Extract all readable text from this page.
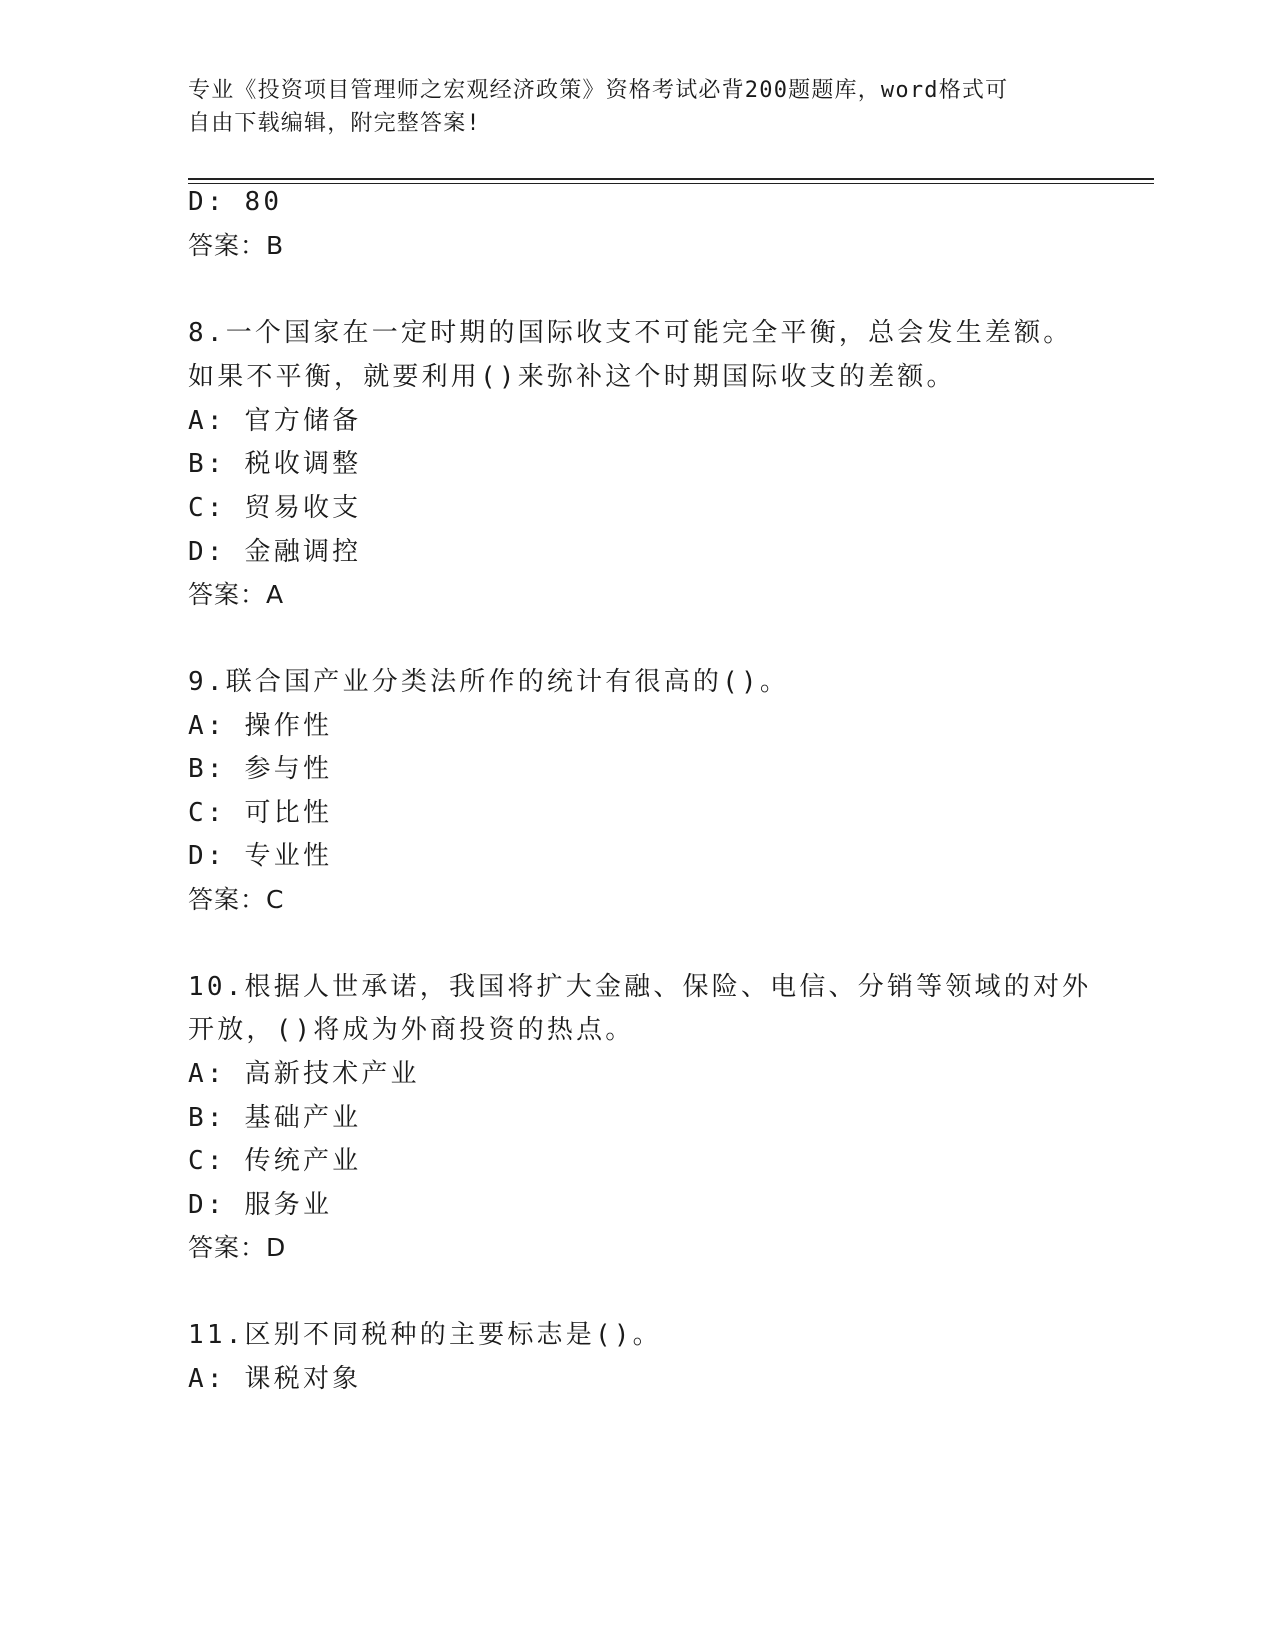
专业《投资项目管理师之宏观经济政策》资格考试必背200题题库，word格式可
自由下载编辑，附完整答案!
D: 80
答案：B
8.一个国家在一定时期的国际收支不可能完全平衡，总会发生差额。
如果不平衡，就要利用()来弥补这个时期国际收支的差额。
A: 官方储备
B: 税收调整
C: 贸易收支
D: 金融调控
答案：A
9.联合国产业分类法所作的统计有很高的()。
A: 操作性
B: 参与性
C: 可比性
D: 专业性
答案：C
10.根据人世承诺，我国将扩大金融、保险、电信、分销等领域的对外
开放，()将成为外商投资的热点。
A: 高新技术产业
B: 基础产业
C: 传统产业
D: 服务业
答案：D
11.区别不同税种的主要标志是()。
A: 课税对象
